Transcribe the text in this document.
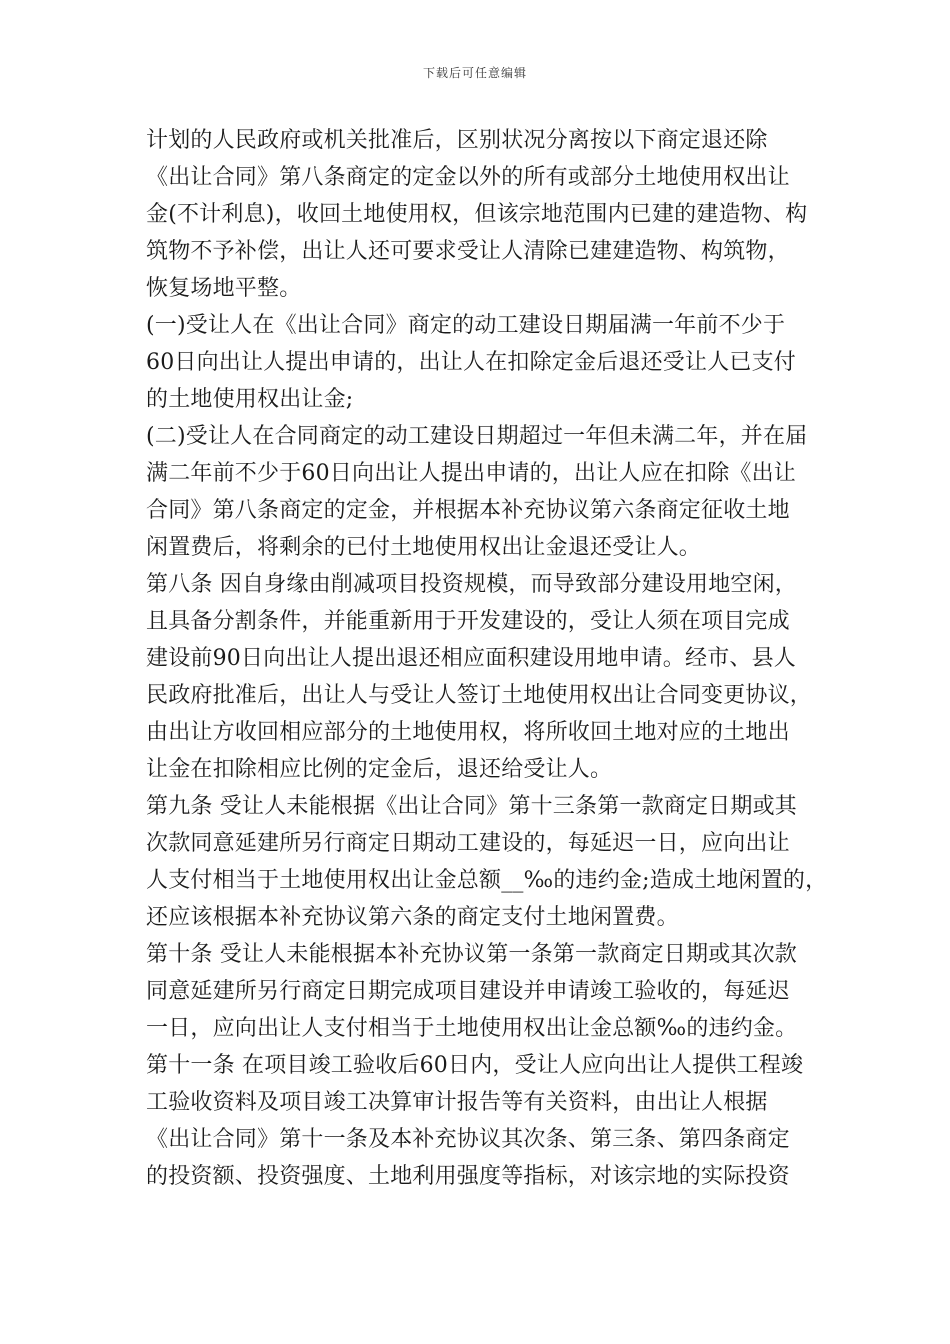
下载后可任意编辑
计划的人民政府或机关批准后，区别状况分离按以下商定退还除
《出让合同》第八条商定的定金以外的所有或部分土地使用权出让
金(不计利息)，收回土地使用权，但该宗地范围内已建的建造物、构
筑物不予补偿，出让人还可要求受让人清除已建建造物、构筑物，
恢复场地平整。
(一)受让人在《出让合同》商定的动工建设日期届满一年前不少于
60日向出让人提出申请的，出让人在扣除定金后退还受让人已支付
的土地使用权出让金;
(二)受让人在合同商定的动工建设日期超过一年但未满二年，并在届
满二年前不少于60日向出让人提出申请的，出让人应在扣除《出让
合同》第八条商定的定金，并根据本补充协议第六条商定征收土地
闲置费后，将剩余的已付土地使用权出让金退还受让人。
第八条 因自身缘由削减项目投资规模，而导致部分建设用地空闲，
且具备分割条件，并能重新用于开发建设的，受让人须在项目完成
建设前90日向出让人提出退还相应面积建设用地申请。经市、县人
民政府批准后，出让人与受让人签订土地使用权出让合同变更协议，
由出让方收回相应部分的土地使用权，将所收回土地对应的土地出
让金在扣除相应比例的定金后，退还给受让人。
第九条 受让人未能根据《出让合同》第十三条第一款商定日期或其
次款同意延建所另行商定日期动工建设的，每延迟一日，应向出让
人支付相当于土地使用权出让金总额__‰的违约金;造成土地闲置的，
还应该根据本补充协议第六条的商定支付土地闲置费。
第十条 受让人未能根据本补充协议第一条第一款商定日期或其次款
同意延建所另行商定日期完成项目建设并申请竣工验收的，每延迟
一日，应向出让人支付相当于土地使用权出让金总额‰的违约金。
第十一条 在项目竣工验收后60日内，受让人应向出让人提供工程竣
工验收资料及项目竣工决算审计报告等有关资料，由出让人根据
《出让合同》第十一条及本补充协议其次条、第三条、第四条商定
的投资额、投资强度、土地利用强度等指标，对该宗地的实际投资
